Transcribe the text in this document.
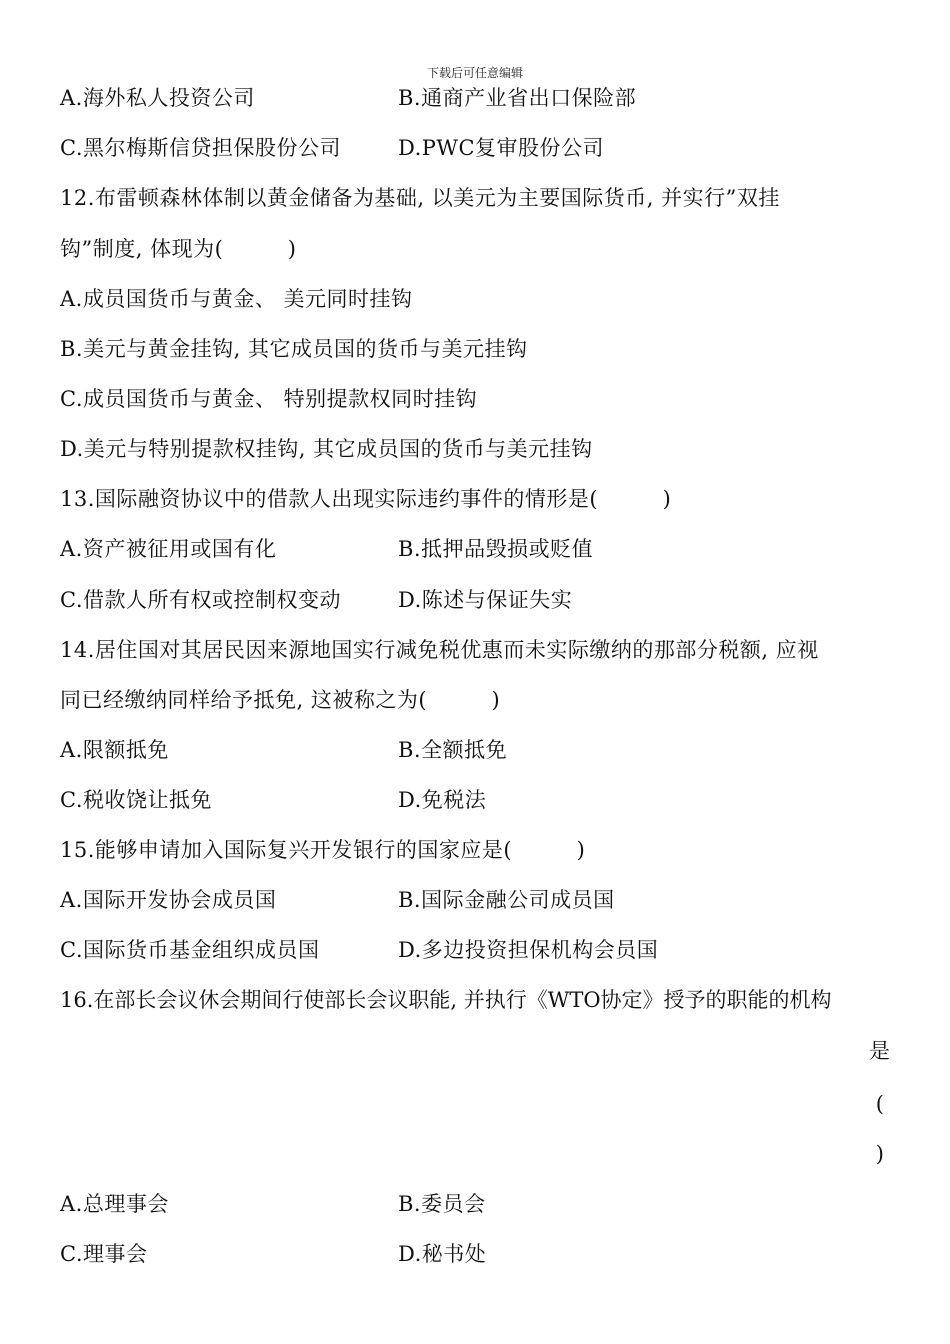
下载后可任意编辑
A.海外私人投资公司	B.通商产业省出口保险部
C.黑尔梅斯信贷担保股份公司	D.PWC复审股份公司
12.布雷顿森林体制以黄金储备为基础, 以美元为主要国际货币, 并实行”双挂
钩”制度, 体现为(　　　)
A.成员国货币与黄金、 美元同时挂钩
B.美元与黄金挂钩, 其它成员国的货币与美元挂钩
C.成员国货币与黄金、 特别提款权同时挂钩
D.美元与特别提款权挂钩, 其它成员国的货币与美元挂钩
13.国际融资协议中的借款人出现实际违约事件的情形是(　　　)
A.资产被征用或国有化	B.抵押品毁损或贬值
C.借款人所有权或控制权变动	D.陈述与保证失实
14.居住国对其居民因来源地国实行减免税优惠而未实际缴纳的那部分税额, 应视
同已经缴纳同样给予抵免, 这被称之为(　　　)
A.限额抵免	B.全额抵免
C.税收饶让抵免	D.免税法
15.能够申请加入国际复兴开发银行的国家应是(　　　)
A.国际开发协会成员国	B.国际金融公司成员国
C.国际货币基金组织成员国	D.多边投资担保机构会员国
16.在部长会议休会期间行使部长会议职能, 并执行《WTO协定》授予的职能的机构
是
(
)
A.总理事会	B.委员会
C.理事会	D.秘书处
